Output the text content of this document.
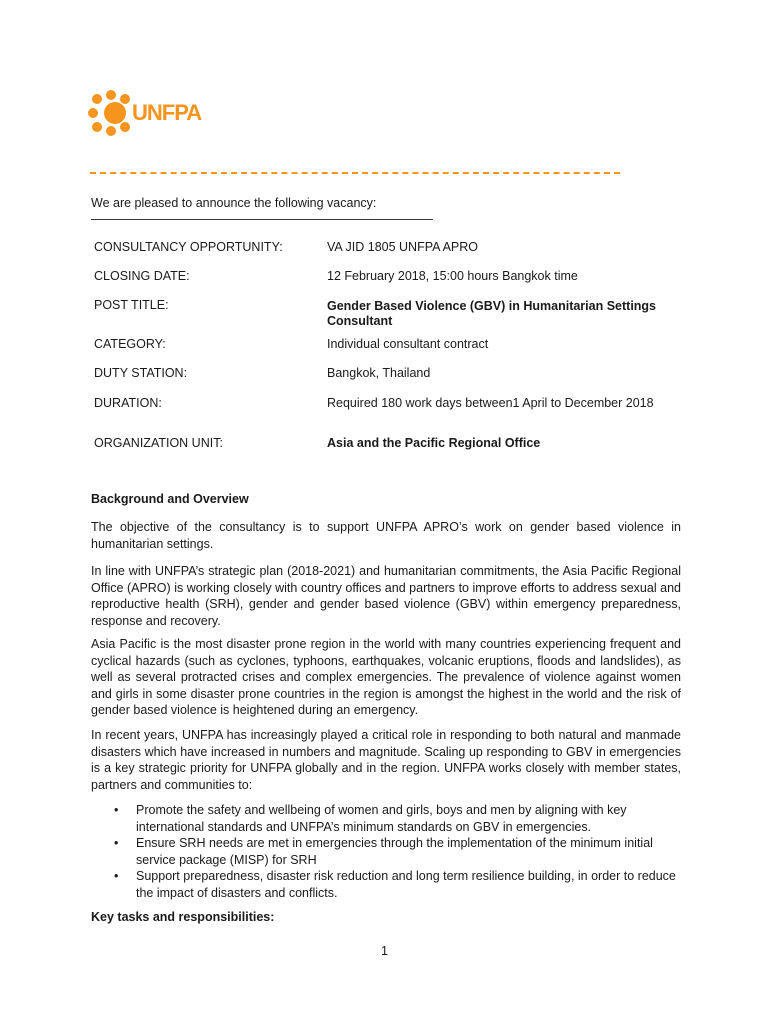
UNFPA
We are pleased to announce the following vacancy:
CONSULTANCY OPPORTUNITY:	VA JID 1805 UNFPA APRO
CLOSING DATE:	12 February 2018, 15:00 hours Bangkok time
POST TITLE:	Gender Based Violence (GBV) in Humanitarian Settings Consultant
CATEGORY:	Individual consultant contract
DUTY STATION:	Bangkok, Thailand
DURATION:	Required 180 work days between1 April to December 2018
ORGANIZATION UNIT:	Asia and the Pacific Regional Office
Background and Overview

The objective of the consultancy is to support UNFPA APRO’s work on gender based violence in humanitarian settings.

In line with UNFPA’s strategic plan (2018-2021) and humanitarian commitments, the Asia Pacific Regional Office (APRO) is working closely with country offices and partners to improve efforts to address sexual and reproductive health (SRH), gender and gender based violence (GBV) within emergency preparedness, response and recovery.

Asia Pacific is the most disaster prone region in the world with many countries experiencing frequent and cyclical hazards (such as cyclones, typhoons, earthquakes, volcanic eruptions, floods and landslides), as well as several protracted crises and complex emergencies. The prevalence of violence against women and girls in some disaster prone countries in the region is amongst the highest in the world and the risk of gender based violence is heightened during an emergency.

In recent years, UNFPA has increasingly played a critical role in responding to both natural and manmade disasters which have increased in numbers and magnitude. Scaling up responding to GBV in emergencies is a key strategic priority for UNFPA globally and in the region. UNFPA works closely with member states, partners and communities to:

• Promote the safety and wellbeing of women and girls, boys and men by aligning with key international standards and UNFPA’s minimum standards on GBV in emergencies.
• Ensure SRH needs are met in emergencies through the implementation of the minimum initial service package (MISP) for SRH
• Support preparedness, disaster risk reduction and long term resilience building, in order to reduce the impact of disasters and conflicts.
Key tasks and responsibilities:
1
